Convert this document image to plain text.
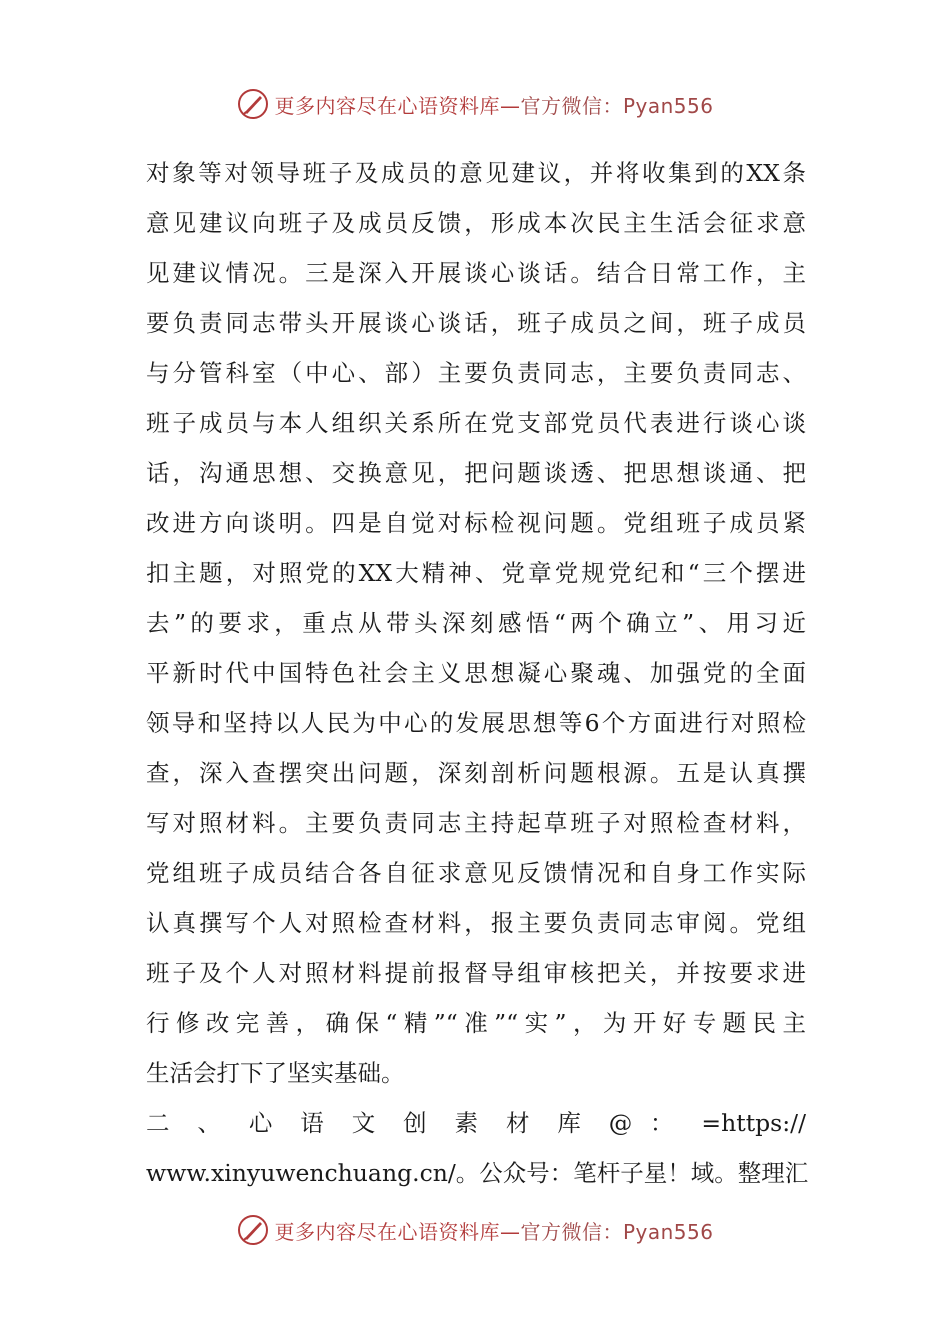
更多内容尽在心语资料库—官方微信：Pyan556
对象等对领导班子及成员的意见建议，并将收集到的XX条
意见建议向班子及成员反馈，形成本次民主生活会征求意
见建议情况。三是深入开展谈心谈话。结合日常工作，主
要负责同志带头开展谈心谈话，班子成员之间，班子成员
与分管科室（中心、部）主要负责同志，主要负责同志、
班子成员与本人组织关系所在党支部党员代表进行谈心谈
话，沟通思想、交换意见，把问题谈透、把思想谈通、把
改进方向谈明。四是自觉对标检视问题。党组班子成员紧
扣主题，对照党的XX大精神、党章党规党纪和“三个摆进
去”的要求，重点从带头深刻感悟“两个确立”、用习近
平新时代中国特色社会主义思想凝心聚魂、加强党的全面
领导和坚持以人民为中心的发展思想等6个方面进行对照检
查，深入查摆突出问题，深刻剖析问题根源。五是认真撰
写对照材料。主要负责同志主持起草班子对照检查材料，
党组班子成员结合各自征求意见反馈情况和自身工作实际
认真撰写个人对照检查材料，报主要负责同志审阅。党组
班子及个人对照材料提前报督导组审核把关，并按要求进
行修改完善，确保“精”“准”“实”，为开好专题民主
生活会打下了坚实基础。
二 、 心 语 文 创 素 材 库 @ ： =https://
www.xinyuwenchuang.cn/。公众号：笔杆子星！域。整理汇
更多内容尽在心语资料库—官方微信：Pyan556
